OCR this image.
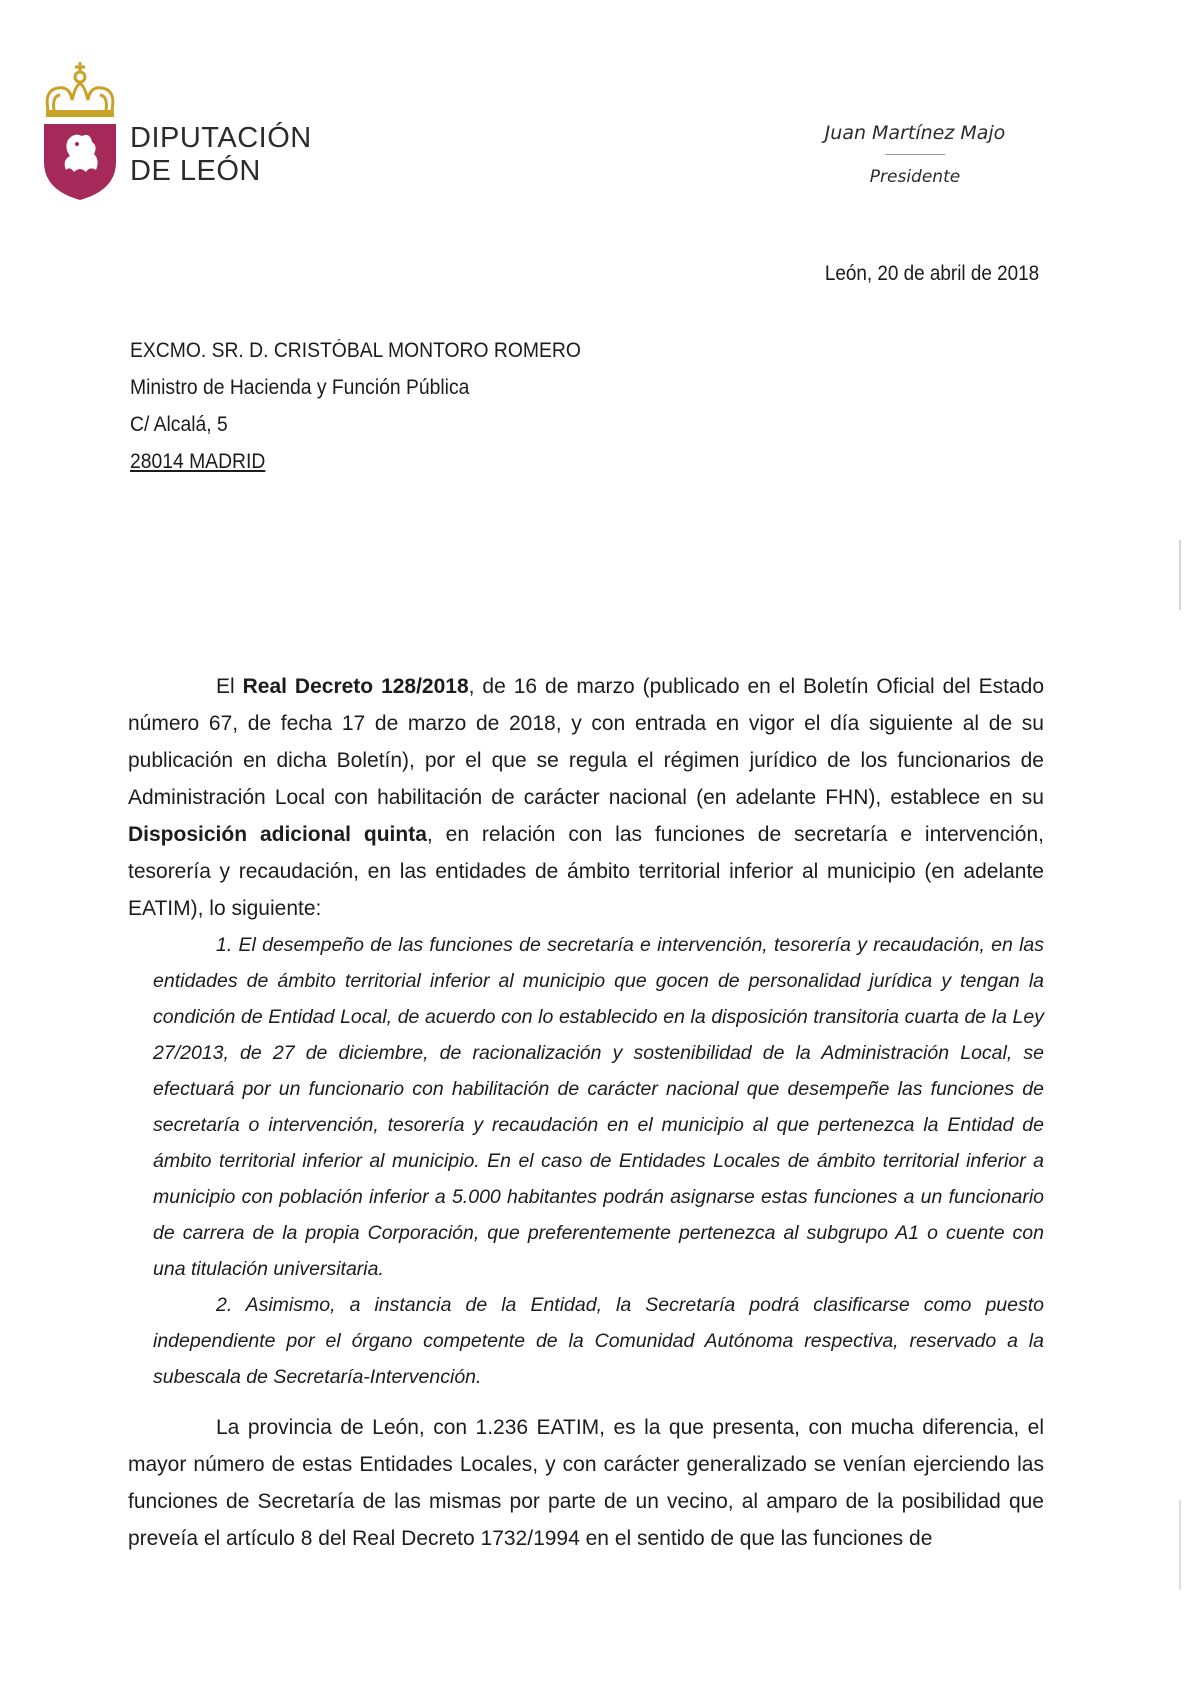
DIPUTACIÓN
DE LEÓN
Juan Martínez Majo
Presidente
León, 20 de abril de 2018
EXCMO. SR. D. CRISTÓBAL MONTORO ROMERO
Ministro de Hacienda y Función Pública
C/ Alcalá, 5
28014 MADRID

El Real Decreto 128/2018, de 16 de marzo (publicado en el Boletín Oficial del Estado número 67, de fecha 17 de marzo de 2018, y con entrada en vigor el día siguiente al de su publicación en dicha Boletín), por el que se regula el régimen jurídico de los funcionarios de Administración Local con habilitación de carácter nacional (en adelante FHN), establece en su Disposición adicional quinta, en relación con las funciones de secretaría e intervención, tesorería y recaudación, en las entidades de ámbito territorial inferior al municipio (en adelante EATIM), lo siguiente:

1. El desempeño de las funciones de secretaría e intervención, tesorería y recaudación, en las entidades de ámbito territorial inferior al municipio que gocen de personalidad jurídica y tengan la condición de Entidad Local, de acuerdo con lo establecido en la disposición transitoria cuarta de la Ley 27/2013, de 27 de diciembre, de racionalización y sostenibilidad de la Administración Local, se efectuará por un funcionario con habilitación de carácter nacional que desempeñe las funciones de secretaría o intervención, tesorería y recaudación en el municipio al que pertenezca la Entidad de ámbito territorial inferior al municipio. En el caso de Entidades Locales de ámbito territorial inferior a municipio con población inferior a 5.000 habitantes podrán asignarse estas funciones a un funcionario de carrera de la propia Corporación, que preferentemente pertenezca al subgrupo A1 o cuente con una titulación universitaria.

2. Asimismo, a instancia de la Entidad, la Secretaría podrá clasificarse como puesto independiente por el órgano competente de la Comunidad Autónoma respectiva, reservado a la subescala de Secretaría-Intervención.

La provincia de León, con 1.236 EATIM, es la que presenta, con mucha diferencia, el mayor número de estas Entidades Locales, y con carácter generalizado se venían ejerciendo las funciones de Secretaría de las mismas por parte de un vecino, al amparo de la posibilidad que preveía el artículo 8 del Real Decreto 1732/1994 en el sentido de que las funciones de
